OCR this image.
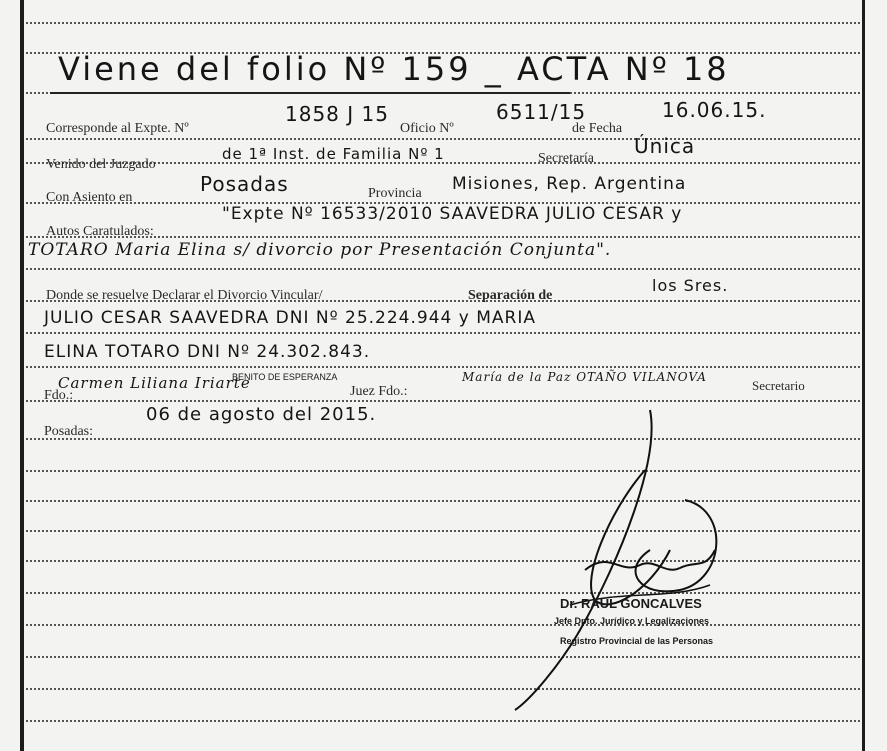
Viene del folio Nº 159 _ ACTA Nº 18
Corresponde al Expte. Nº
1858 J 15
Oficio Nº
6511/15
de Fecha
16.06.15.
Venido del Juzgado
de 1ª Inst. de Familia Nº 1	Secretaría
Única
Con Asiento en
Posadas	Provincia Misiones, Rep. Argentina
Autos Caratulados:
"Expte Nº 16533/2010 SAAVEDRA JULIO CESAR y
TOTARO Maria Elina s/ divorcio por Presentación Conjunta".
Donde se resuelve Declarar el Divorcio Vincular/	Separación de
los Sres.
JULIO CESAR SAAVEDRA DNI Nº 25.224.944 y MARIA
ELINA TOTARO DNI Nº 24.302.843.
Fdo.:
Carmen Liliana Iriarte
BENITO DE ESPERANZA
Juez Fdo.:
María de la Paz OTAÑO VILANOVA
Secretario
Posadas:
06 de agosto del 2015.
Dr. RAUL GONCALVES
Jefe Dpto. Jurídico y Legalizaciones
Registro Provincial de las Personas
